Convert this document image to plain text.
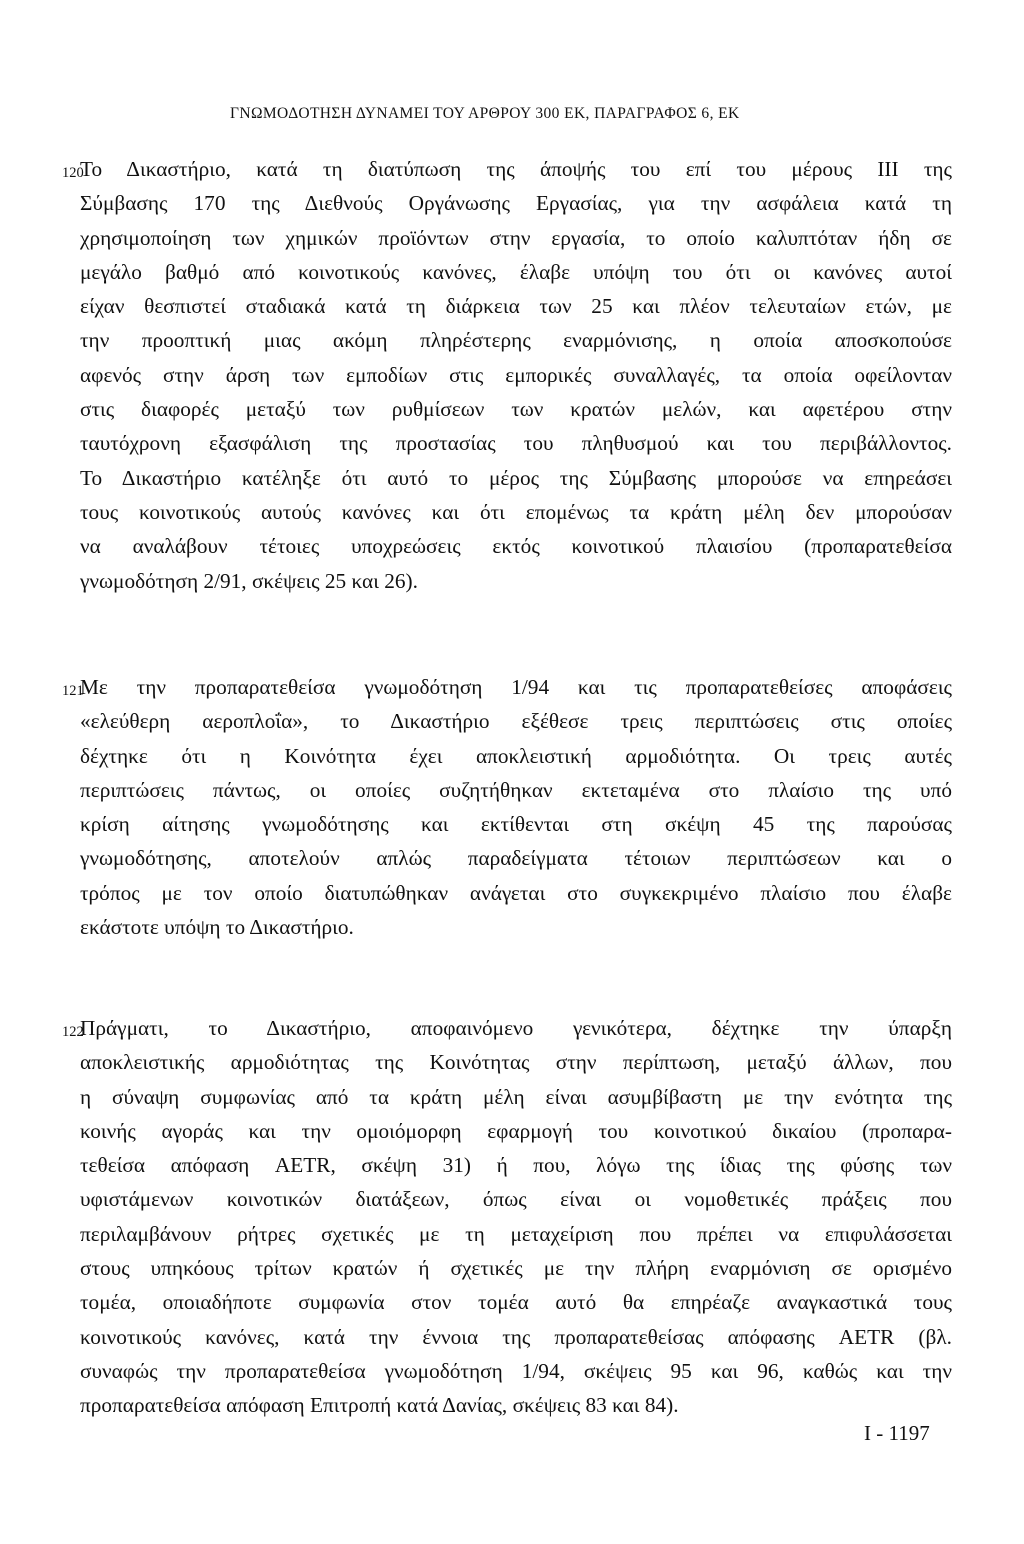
ΓΝΩΜΟΔΟΤΗΣΗ ΔΥΝΑΜΕΙ ΤΟΥ ΑΡΘΡΟΥ 300 ΕΚ, ΠΑΡΑΓΡΑΦΟΣ 6, ΕΚ
120
Το Δικαστήριο, κατά τη διατύπωση της άποψής του επί του μέρους III της
Σύμβασης 170 της Διεθνούς Οργάνωσης Εργασίας, για την ασφάλεια κατά τη
χρησιμοποίηση των χημικών προϊόντων στην εργασία, το οποίο καλυπτόταν ήδη σε
μεγάλο βαθμό από κοινοτικούς κανόνες, έλαβε υπόψη του ότι οι κανόνες αυτοί
είχαν θεσπιστεί σταδιακά κατά τη διάρκεια των 25 και πλέον τελευταίων ετών, με
την προοπτική μιας ακόμη πληρέστερης εναρμόνισης, η οποία αποσκοπούσε
αφενός στην άρση των εμποδίων στις εμπορικές συναλλαγές, τα οποία οφείλονταν
στις διαφορές μεταξύ των ρυθμίσεων των κρατών μελών, και αφετέρου στην
ταυτόχρονη εξασφάλιση της προστασίας του πληθυσμού και του περιβάλλοντος.
Το Δικαστήριο κατέληξε ότι αυτό το μέρος της Σύμβασης μπορούσε να επηρεάσει
τους κοινοτικούς αυτούς κανόνες και ότι επομένως τα κράτη μέλη δεν μπορούσαν
να αναλάβουν τέτοιες υποχρεώσεις εκτός κοινοτικού πλαισίου (προπαρατεθείσα
γνωμοδότηση 2/91, σκέψεις 25 και 26).
121
Με την προπαρατεθείσα γνωμοδότηση 1/94 και τις προπαρατεθείσες αποφάσεις
«ελεύθερη αεροπλοΐα», το Δικαστήριο εξέθεσε τρεις περιπτώσεις στις οποίες
δέχτηκε ότι η Κοινότητα έχει αποκλειστική αρμοδιότητα. Οι τρεις αυτές
περιπτώσεις πάντως, οι οποίες συζητήθηκαν εκτεταμένα στο πλαίσιο της υπό
κρίση αίτησης γνωμοδότησης και εκτίθενται στη σκέψη 45 της παρούσας
γνωμοδότησης, αποτελούν απλώς παραδείγματα τέτοιων περιπτώσεων και ο
τρόπος με τον οποίο διατυπώθηκαν ανάγεται στο συγκεκριμένο πλαίσιο που έλαβε
εκάστοτε υπόψη το Δικαστήριο.
122
Πράγματι, το Δικαστήριο, αποφαινόμενο γενικότερα, δέχτηκε την ύπαρξη
αποκλειστικής αρμοδιότητας της Κοινότητας στην περίπτωση, μεταξύ άλλων, που
η σύναψη συμφωνίας από τα κράτη μέλη είναι ασυμβίβαστη με την ενότητα της
κοινής αγοράς και την ομοιόμορφη εφαρμογή του κοινοτικού δικαίου (προπαρα-
τεθείσα απόφαση AETR, σκέψη 31) ή που, λόγω της ίδιας της φύσης των
υφιστάμενων κοινοτικών διατάξεων, όπως είναι οι νομοθετικές πράξεις που
περιλαμβάνουν ρήτρες σχετικές με τη μεταχείριση που πρέπει να επιφυλάσσεται
στους υπηκόους τρίτων κρατών ή σχετικές με την πλήρη εναρμόνιση σε ορισμένο
τομέα, οποιαδήποτε συμφωνία στον τομέα αυτό θα επηρέαζε αναγκαστικά τους
κοινοτικούς κανόνες, κατά την έννοια της προπαρατεθείσας απόφασης AETR (βλ.
συναφώς την προπαρατεθείσα γνωμοδότηση 1/94, σκέψεις 95 και 96, καθώς και την
προπαρατεθείσα απόφαση Επιτροπή κατά Δανίας, σκέψεις 83 και 84).
I - 1197
